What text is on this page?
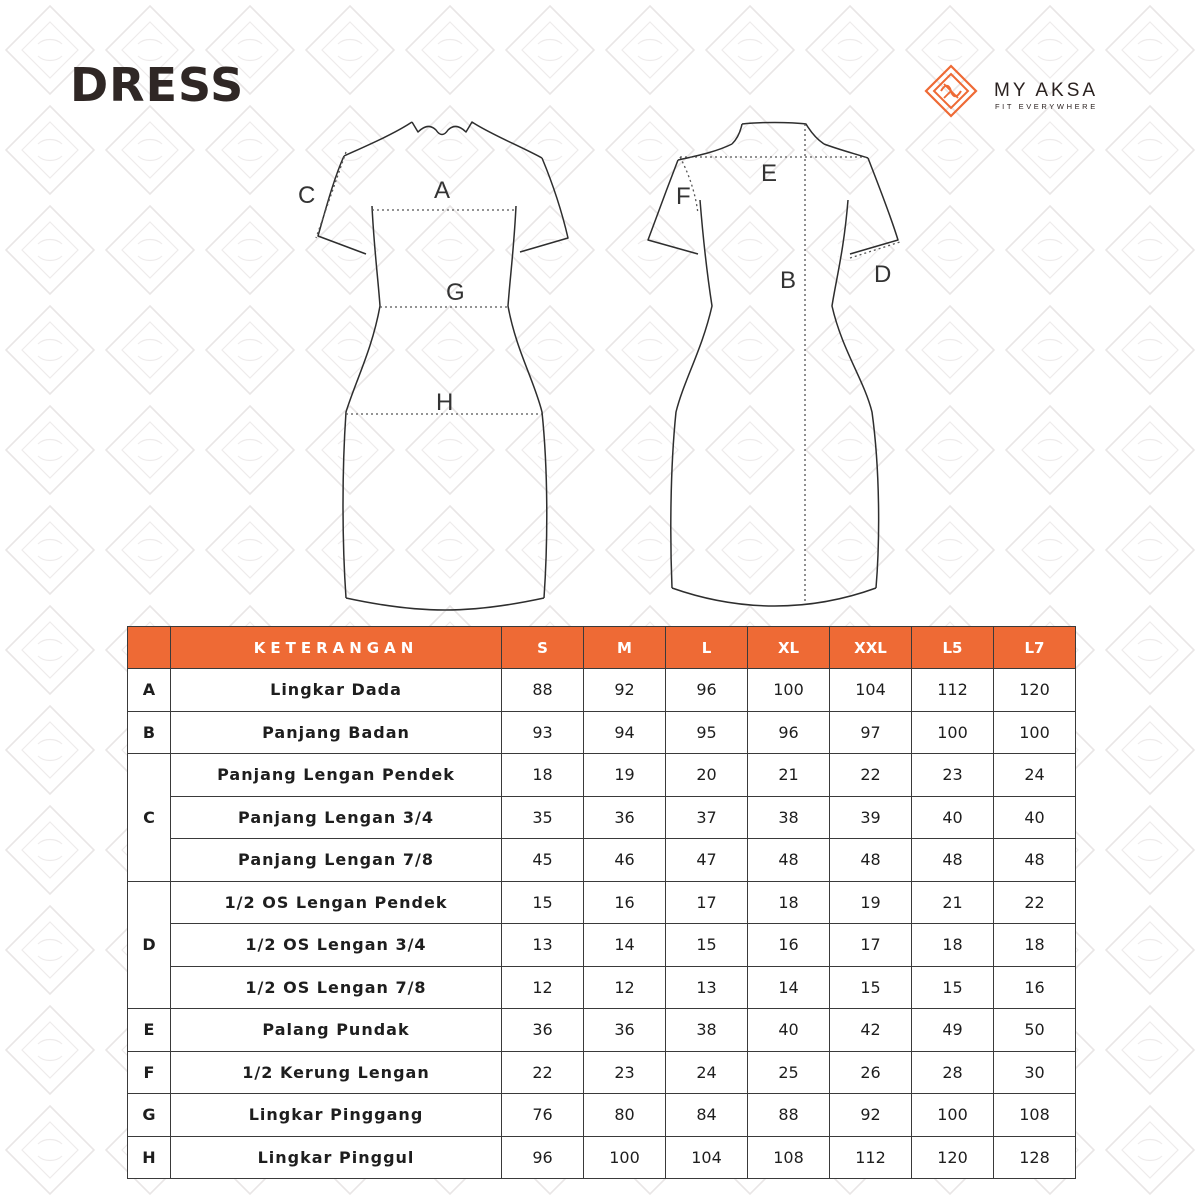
DRESS	MY AKSA
FIT EVERYWHERE
A
C
G
H
E
F
B	D
	KETERANGAN	S	M	L	XL	XXL	L5	L7
A	Lingkar Dada	88	92	96	100	104	112	120
B	Panjang Badan	93	94	95	96	97	100	100
C	Panjang Lengan Pendek	18	19	20	21	22	23	24
	Panjang Lengan 3/4	35	36	37	38	39	40	40
	Panjang Lengan 7/8	45	46	47	48	48	48	48
D	1/2 OS Lengan Pendek	15	16	17	18	19	21	22
	1/2 OS Lengan 3/4	13	14	15	16	17	18	18
	1/2 OS Lengan 7/8	12	12	13	14	15	15	16
E	Palang Pundak	36	36	38	40	42	49	50
F	1/2 Kerung Lengan	22	23	24	25	26	28	30
G	Lingkar Pinggang	76	80	84	88	92	100	108
H	Lingkar Pinggul	96	100	104	108	112	120	128
